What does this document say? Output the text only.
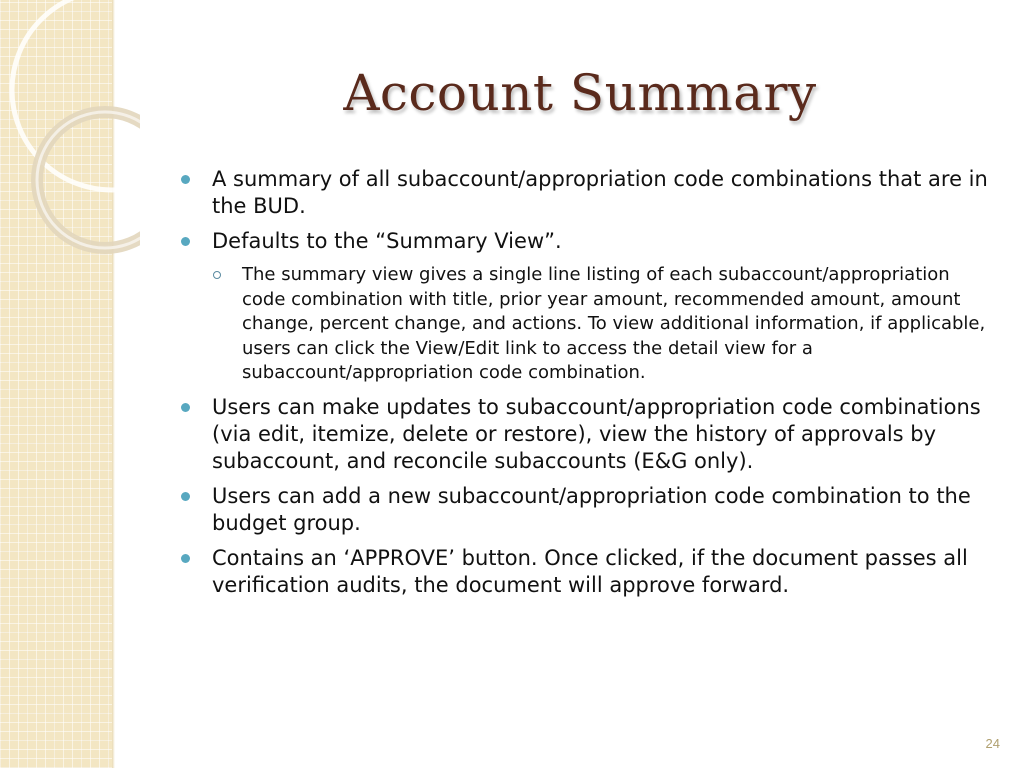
Account Summary
A summary of all subaccount/appropriation code combinations that are in the BUD.
Defaults to the “Summary View”.
The summary view gives a single line listing of each subaccount/appropriation code combination with title, prior year amount, recommended amount, amount change, percent change, and actions. To view additional information, if applicable, users can click the View/Edit link to access the detail view for a subaccount/appropriation code combination.
Users can make updates to subaccount/appropriation code combinations (via edit, itemize, delete or restore), view the history of approvals by subaccount, and reconcile subaccounts (E&G only).
Users can add a new subaccount/appropriation code combination to the budget group.
Contains an ‘APPROVE’ button. Once clicked, if the document passes all verification audits, the document will approve forward.
24
